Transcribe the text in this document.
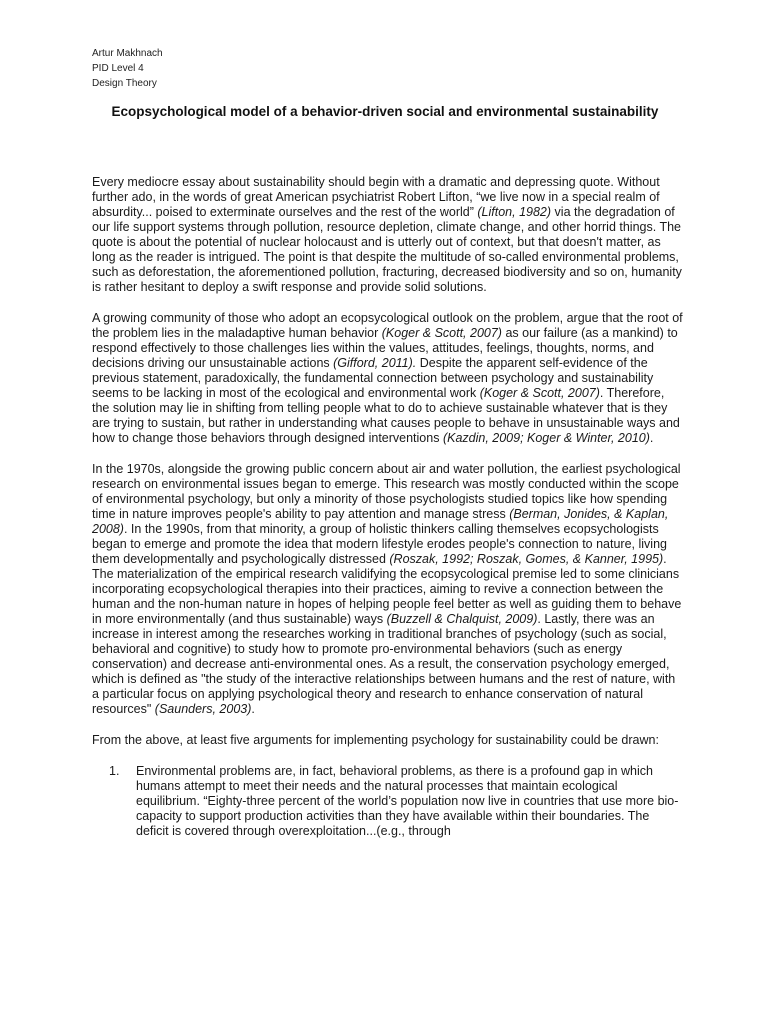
Artur Makhnach
PID Level 4
Design Theory
Ecopsychological model of a behavior-driven social and environmental sustainability

Every mediocre essay about sustainability should begin with a dramatic and depressing quote. Without further ado, in the words of great American psychiatrist Robert Lifton, “we live now in a special realm of absurdity... poised to exterminate ourselves and the rest of the world” (Lifton, 1982) via the degradation of our life support systems through pollution, resource depletion, climate change, and other horrid things. The quote is about the potential of nuclear holocaust and is utterly out of context, but that doesn't matter, as long as the reader is intrigued. The point is that despite the multitude of so-called environmental problems, such as deforestation, the aforementioned pollution, fracturing, decreased biodiversity and so on, humanity is rather hesitant to deploy a swift response and provide solid solutions.

A growing community of those who adopt an ecopsycological outlook on the problem, argue that the root of the problem lies in the maladaptive human behavior (Koger & Scott, 2007) as our failure (as a mankind) to respond effectively to those challenges lies within the values, attitudes, feelings, thoughts, norms, and decisions driving our unsustainable actions (Gifford, 2011). Despite the apparent self-evidence of the previous statement, paradoxically, the fundamental connection between psychology and sustainability seems to be lacking in most of the ecological and environmental work (Koger & Scott, 2007). Therefore, the solution may lie in shifting from telling people what to do to achieve sustainable whatever that is they are trying to sustain, but rather in understanding what causes people to behave in unsustainable ways and how to change those behaviors through designed interventions (Kazdin, 2009; Koger & Winter, 2010).

In the 1970s, alongside the growing public concern about air and water pollution, the earliest psychological research on environmental issues began to emerge. This research was mostly conducted within the scope of environmental psychology, but only a minority of those psychologists studied topics like how spending time in nature improves people's ability to pay attention and manage stress (Berman, Jonides, & Kaplan, 2008). In the 1990s, from that minority, a group of holistic thinkers calling themselves ecopsychologists began to emerge and promote the idea that modern lifestyle erodes people's connection to nature, living them developmentally and psychologically distressed (Roszak, 1992; Roszak, Gomes, & Kanner, 1995). The materialization of the empirical research validifying the ecopsycological premise led to some clinicians incorporating ecopsychological therapies into their practices, aiming to revive a connection between the human and the non-human nature in hopes of helping people feel better as well as guiding them to behave in more environmentally (and thus sustainable) ways (Buzzell & Chalquist, 2009). Lastly, there was an increase in interest among the researches working in traditional branches of psychology (such as social, behavioral and cognitive) to study how to promote pro-environmental behaviors (such as energy conservation) and decrease anti-environmental ones. As a result, the conservation psychology emerged, which is defined as "the study of the interactive relationships between humans and the rest of nature, with a particular focus on applying psychological theory and research to enhance conservation of natural resources" (Saunders, 2003).

From the above, at least five arguments for implementing psychology for sustainability could be drawn:

1. Environmental problems are, in fact, behavioral problems, as there is a profound gap in which humans attempt to meet their needs and the natural processes that maintain ecological equilibrium. “Eighty-three percent of the world’s population now live in countries that use more bio-capacity to support production activities than they have available within their boundaries. The deficit is covered through overexploitation...(e.g., through
